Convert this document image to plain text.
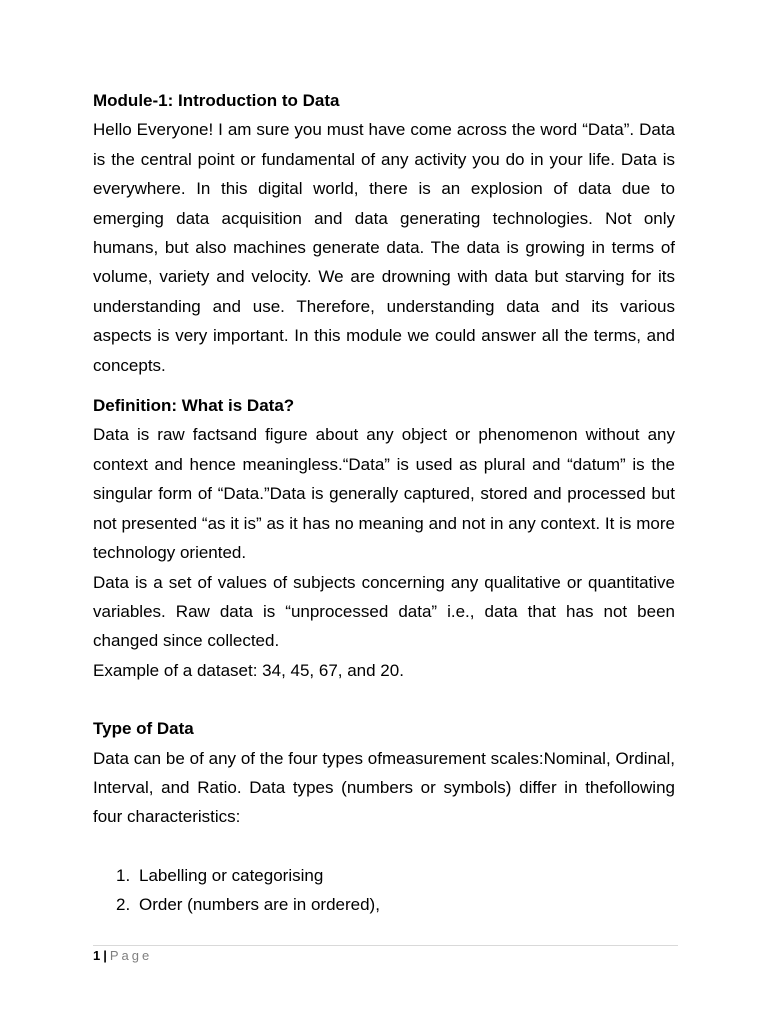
Module-1: Introduction to Data

Hello Everyone! I am sure you must have come across the word “Data”. Data is the central point or fundamental of any activity you do in your life. Data is everywhere. In this digital world, there is an explosion of data due to emerging data acquisition and data generating technologies. Not only humans, but also machines generate data. The data is growing in terms of volume, variety and velocity. We are drowning with data but starving for its understanding and use. Therefore, understanding data and its various aspects is very important. In this module we could answer all the terms, and concepts.

Definition: What is Data?

Data is raw factsand figure about any object or phenomenon without any context and hence meaningless.“Data” is used as plural and “datum” is the singular form of “Data.”Data is generally captured, stored and processed but not presented “as it is” as it has no meaning and not in any context. It is more technology oriented.

Data is a set of values of subjects concerning any qualitative or quantitative variables. Raw data is “unprocessed data” i.e., data that has not been changed since collected.

Example of a dataset: 34, 45, 67, and 20.

Type of Data

Data can be of any of the four types ofmeasurement scales:Nominal, Ordinal, Interval, and Ratio. Data types (numbers or symbols) differ in thefollowing four characteristics:

1. Labelling or categorising
2. Order (numbers are in ordered),
1 | Page
